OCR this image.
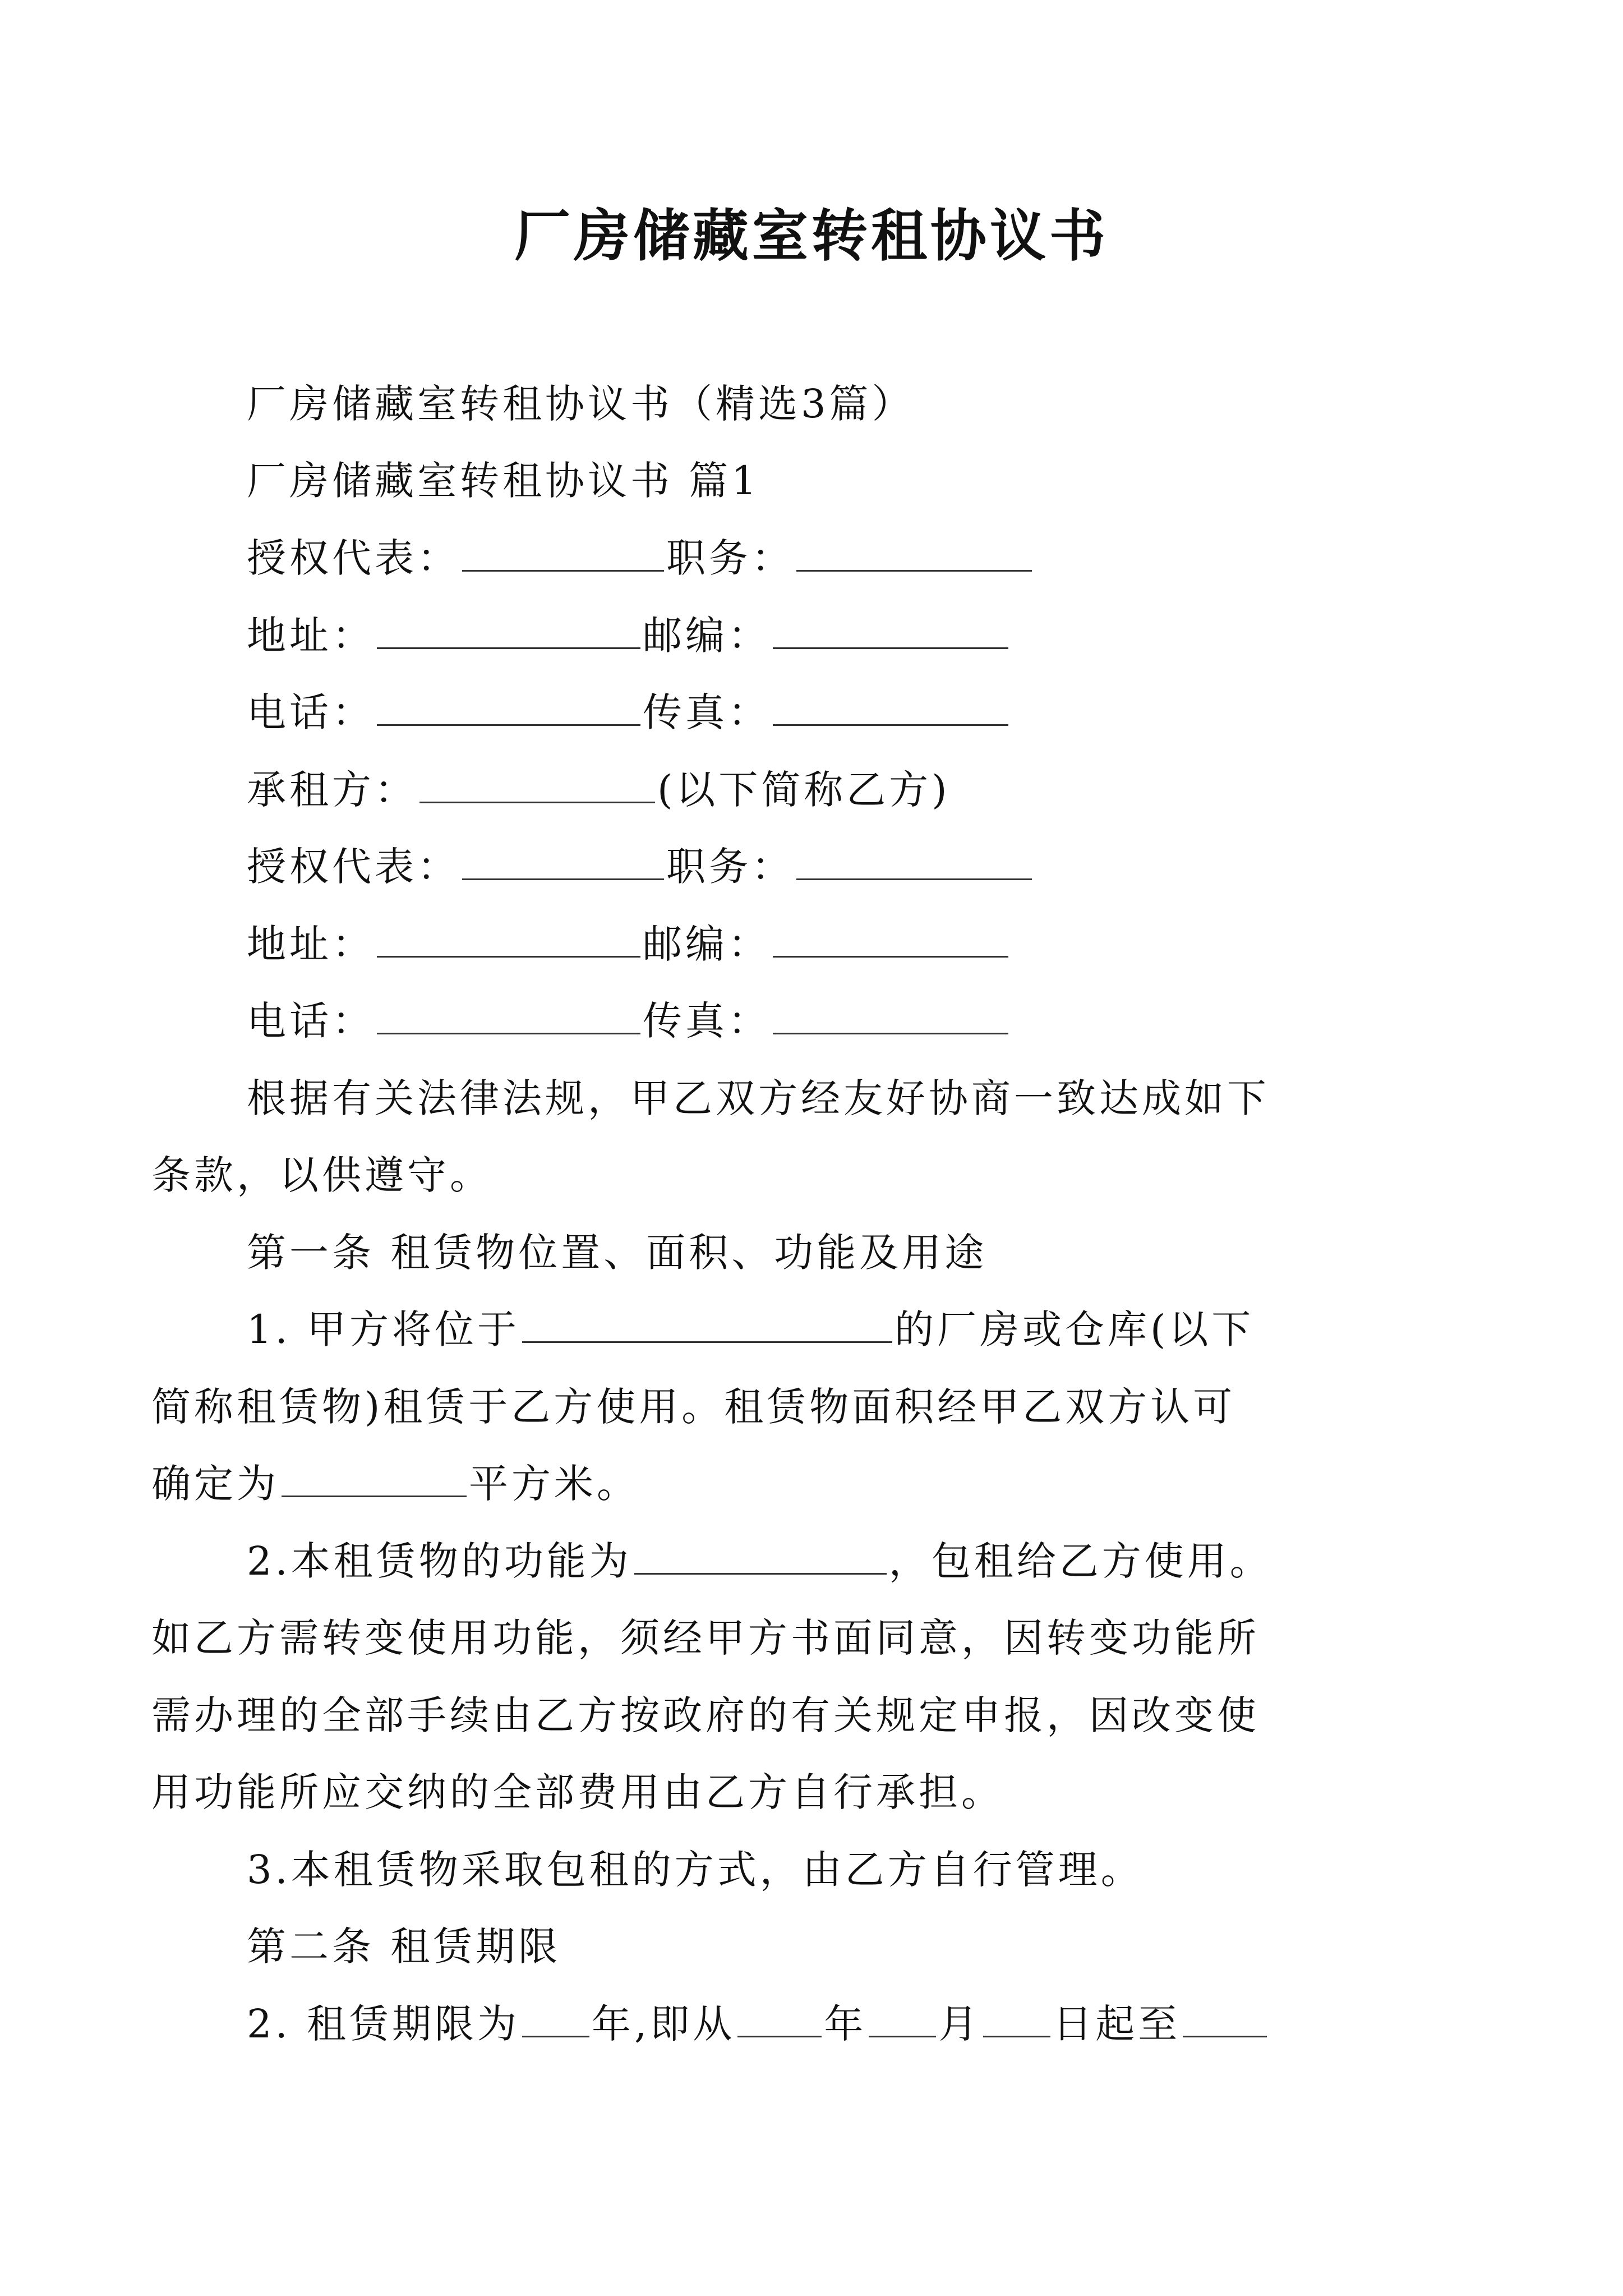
厂房储藏室转租协议书
厂房储藏室转租协议书（精选3篇）
厂房储藏室转租协议书 篇1
授权代表：	职务：
地址：	邮编：
电话：	传真：
承租方：	(以下简称乙方)
授权代表：	职务：
地址：	邮编：
电话：	传真：
根据有关法律法规，甲乙双方经友好协商一致达成如下
条款，以供遵守。
第一条 租赁物位置、面积、功能及用途
1. 甲方将位于	的厂房或仓库(以下
简称租赁物)租赁于乙方使用。租赁物面积经甲乙双方认可
确定为	平方米。
2.本租赁物的功能为	，包租给乙方使用。
如乙方需转变使用功能，须经甲方书面同意，因转变功能所
需办理的全部手续由乙方按政府的有关规定申报，因改变使
用功能所应交纳的全部费用由乙方自行承担。
3.本租赁物采取包租的方式，由乙方自行管理。
第二条 租赁期限
2. 租赁期限为 年,即从 年 月 日起至
